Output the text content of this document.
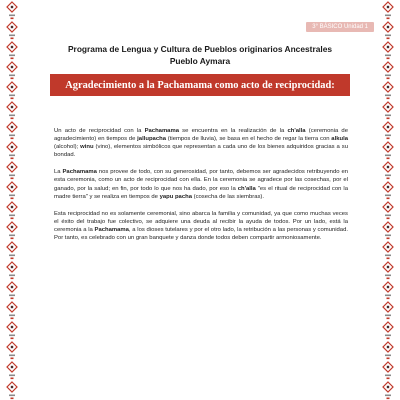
3° BÁSICO Unidad 1
Programa de Lengua y Cultura de Pueblos originarios Ancestrales
Pueblo Aymara
Agradecimiento a la Pachamama como acto de reciprocidad:

Un acto de reciprocidad con la Pachamama se encuentra en la realización de la ch'alla (ceremonia de agradecimiento) en tiempos de jallupacha (tiempos de lluvia), se basa en el hecho de regar la tierra con alkula (alcohol); winu (vino), elementos simbólicos que representan a cada uno de los bienes adquiridos gracias a su bondad.

La Pachamama nos provee de todo, con su generosidad, por tanto, debemos ser agradecidos retribuyendo en esta ceremonia, como un acto de reciprocidad con ella. En la ceremonia se agradece por las cosechas, por el ganado, por la salud; en fin, por todo lo que nos ha dado, por eso la ch'alla "es el ritual de reciprocidad con la madre tierra" y se realiza en tiempos de yapu pacha (cosecha de las siembras).

Esta reciprocidad no es solamente ceremonial, sino abarca la familia y comunidad, ya que como muchas veces el éxito del trabajo fue colectivo, se adquiere una deuda al recibir la ayuda de todos. Por un lado, está la ceremonia a la Pachamama, a los dioses tutelares y por el otro lado, la retribución a las personas y comunidad. Por tanto, es celebrado con un gran banquete y danza donde todos deben compartir armoniosamente.
